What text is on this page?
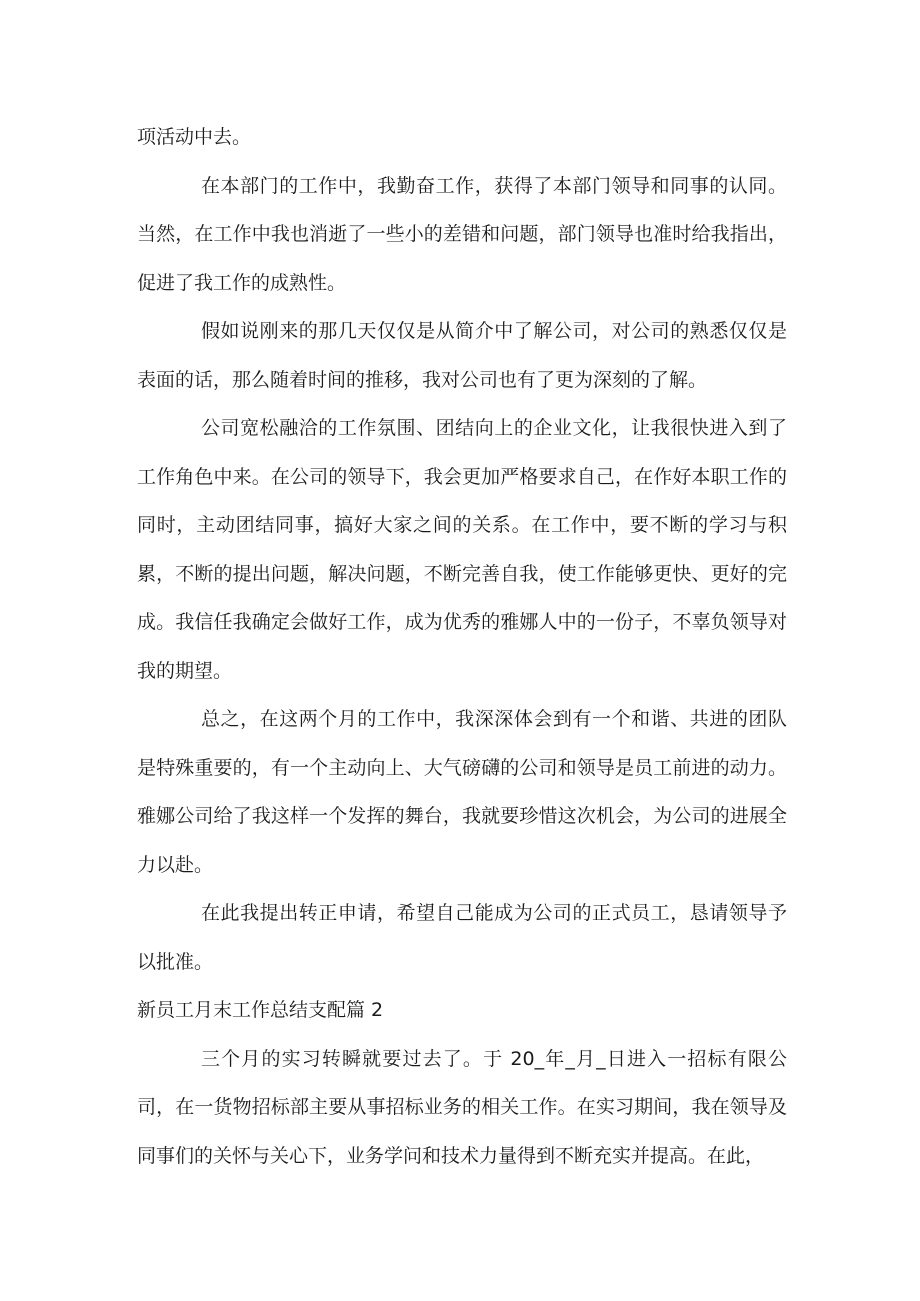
项活动中去。

在本部门的工作中，我勤奋工作，获得了本部门领导和同事的认同。当然，在工作中我也消逝了一些小的差错和问题，部门领导也准时给我指出，促进了我工作的成熟性。

假如说刚来的那几天仅仅是从简介中了解公司，对公司的熟悉仅仅是表面的话，那么随着时间的推移，我对公司也有了更为深刻的了解。

公司宽松融洽的工作氛围、团结向上的企业文化，让我很快进入到了工作角色中来。在公司的领导下，我会更加严格要求自己，在作好本职工作的同时，主动团结同事，搞好大家之间的关系。在工作中，要不断的学习与积累，不断的提出问题，解决问题，不断完善自我，使工作能够更快、更好的完成。我信任我确定会做好工作，成为优秀的雅娜人中的一份子，不辜负领导对我的期望。

总之，在这两个月的工作中，我深深体会到有一个和谐、共进的团队是特殊重要的，有一个主动向上、大气磅礴的公司和领导是员工前进的动力。雅娜公司给了我这样一个发挥的舞台，我就要珍惜这次机会，为公司的进展全力以赴。

在此我提出转正申请，希望自己能成为公司的正式员工，恳请领导予以批准。

新员工月末工作总结支配篇 2

三个月的实习转瞬就要过去了。于 20_年_月_日进入一招标有限公司，在一货物招标部主要从事招标业务的相关工作。在实习期间，我在领导及同事们的关怀与关心下，业务学问和技术力量得到不断充实并提高。在此，
